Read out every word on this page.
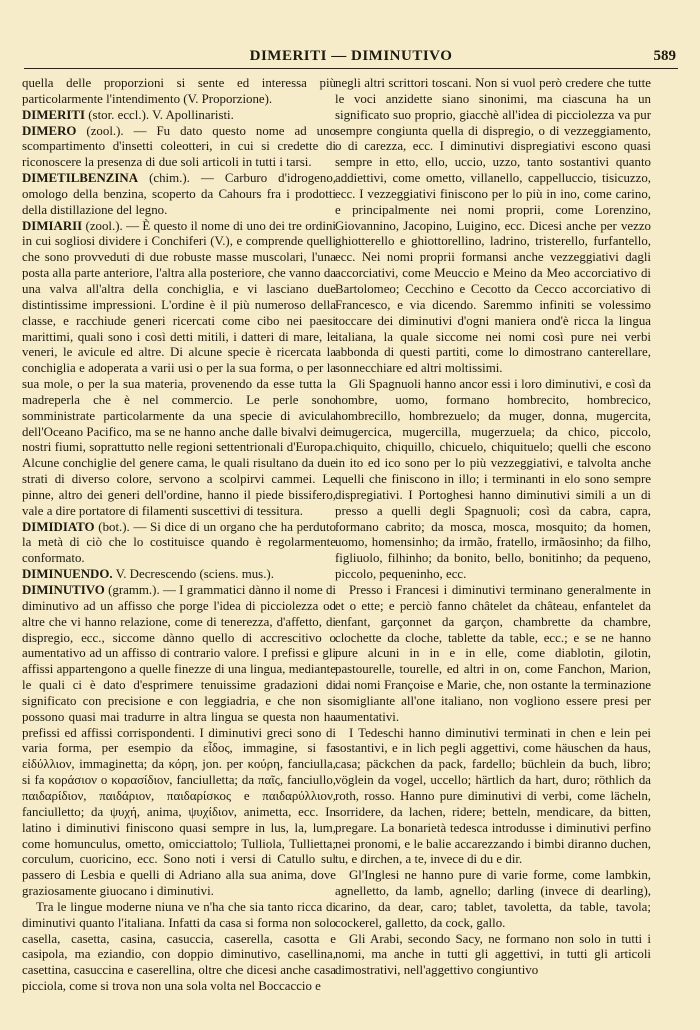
DIMERITI — DIMINUTIVO	589

quella delle proporzioni si sente ed interessa più particolarmente l'intendimento (V. Proporzione).

DIMERITI (stor. eccl.). V. Apollinaristi.

DIMERO (zool.). — Fu dato questo nome ad uno scompartimento d'insetti coleotteri, in cui si credette di riconoscere la presenza di due soli articoli in tutti i tarsi.

DIMETILBENZINA (chim.). — Carburo d'idrogeno, omologo della benzina, scoperto da Cahours fra i prodotti della distillazione del legno.

DIMIARII (zool.). — È questo il nome di uno dei tre ordini in cui sogliosi dividere i Conchiferi (V.), e comprende quelli che sono provveduti di due robuste masse muscolari, l'una posta alla parte anteriore, l'altra alla posteriore, che vanno da una valva all'altra della conchiglia, e vi lasciano due distintissime impressioni. L'ordine è il più numeroso della classe, e racchiude generi ricercati come cibo nei paesi marittimi, quali sono i così detti mitili, i datteri di mare, le veneri, le avicule ed altre. Di alcune specie è ricercata la conchiglia e adoperata a varii usi o per la sua forma, o per la sua mole, o per la sua materia, provenendo da esse tutta la madreperla che è nel commercio. Le perle sono somministrate particolarmente da una specie di avicula dell'Oceano Pacifico, ma se ne hanno anche dalle bivalvi dei nostri fiumi, soprattutto nelle regioni settentrionali d'Europa. Alcune conchiglie del genere cama, le quali risultano da due strati di diverso colore, servono a scolpirvi cammei. Le pinne, altro dei generi dell'ordine, hanno il piede bissifero, vale a dire portatore di filamenti suscettivi di tessitura.

DIMIDIATO (bot.). — Si dice di un organo che ha perduto la metà di ciò che lo costituisce quando è regolarmente conformato.

DIMINUENDO. V. Decrescendo (sciens. mus.).

DIMINUTIVO (gramm.). — I grammatici dànno il nome di diminutivo ad un affisso che porge l'idea di picciolezza od altre che vi hanno relazione, come di tenerezza, d'affetto, di dispregio, ecc., siccome dànno quello di accrescitivo o aumentativo ad un affisso di contrario valore. I prefissi e gli affissi appartengono a quelle finezze di una lingua, mediante le quali ci è dato d'esprimere tenuissime gradazioni di significato con precisione e con leggiadria, e che non si possono quasi mai tradurre in altra lingua se questa non ha prefissi ed affissi corrispondenti. I diminutivi greci sono di varia forma, per esempio da εἶδος, immagine, si fa εἰδύλλιον, immaginetta; da κόρη, jon. per κούρη, fanciulla, si fa κοράσιον o κορασίδιον, fanciulletta; da παῖς, fanciullo, παιδαρίδιον, παιδάριον, παιδαρίσκος e παιδαρύλλιον, fanciulletto; da ψυχή, anima, ψυχίδιον, animetta, ecc. In latino i diminutivi finiscono quasi sempre in lus, la, lum, come homunculus, ometto, omicciattolo; Tulliola, Tullietta; corculum, cuoricino, ecc. Sono noti i versi di Catullo sul passero di Lesbia e quelli di Adriano alla sua anima, dove graziosamente giuocano i diminutivi.

Tra le lingue moderne niuna ve n'ha che sia tanto ricca di diminutivi quanto l'italiana. Infatti da casa si forma non solo casella, casetta, casina, casuccia, caserella, casotta e casipola, ma eziandio, con doppio diminutivo, casellina, casettina, casuccina e caserellina, oltre che dicesi anche casa picciola, come si trova non una sola volta nel Boccaccio e

negli altri scrittori toscani. Non si vuol però credere che tutte le voci anzidette siano sinonimi, ma ciascuna ha un significato suo proprio, giacchè all'idea di picciolezza va pur sempre congiunta quella di dispregio, o di vezzeggiamento, o di carezza, ecc. I diminutivi dispregiativi escono quasi sempre in etto, ello, uccio, uzzo, tanto sostantivi quanto addiettivi, come ometto, villanello, cappelluccio, tisicuzzo, ecc. I vezzeggiativi finiscono per lo più in ino, come carino, e principalmente nei nomi proprii, come Lorenzino, Giovannino, Jacopino, Luigino, ecc. Dicesi anche per vezzo ghiotterello e ghiottorellino, ladrino, tristerello, furfantello, ecc. Nei nomi proprii formansi anche vezzeggiativi dagli accorciativi, come Meuccio e Meino da Meo accorciativo di Bartolomeo; Cecchino e Cecotto da Cecco accorciativo di Francesco, e via dicendo. Saremmo infiniti se volessimo toccare dei diminutivi d'ogni maniera ond'è ricca la lingua italiana, la quale siccome nei nomi così pure nei verbi abbonda di questi partiti, come lo dimostrano canterellare, sonnecchiare ed altri moltissimi.

Gli Spagnuoli hanno ancor essi i loro diminutivi, e così da hombre, uomo, formano hombrecito, hombrecico, hombrecillo, hombrezuelo; da muger, donna, mugercita, mugercica, mugercilla, mugerzuela; da chico, piccolo, chiquito, chiquillo, chicuelo, chiquituelo; quelli che escono in ito ed ico sono per lo più vezzeggiativi, e talvolta anche quelli che finiscono in illo; i terminanti in elo sono sempre dispregiativi. I Portoghesi hanno diminutivi simili a un di presso a quelli degli Spagnuoli; così da cabra, capra, formano cabrito; da mosca, mosca, mosquito; da homen, uomo, homensinho; da irmão, fratello, irmãosinho; da filho, figliuolo, filhinho; da bonito, bello, bonitinho; da pequeno, piccolo, pequeninho, ecc.

Presso i Francesi i diminutivi terminano generalmente in et o ette; e perciò fanno châtelet da château, enfantelet da enfant, garçonnet da garçon, chambrette da chambre, clochette da cloche, tablette da table, ecc.; e se ne hanno pure alcuni in in e in elle, come diablotin, gilotin, pastourelle, tourelle, ed altri in on, come Fanchon, Marion, dai nomi Françoise e Marie, che, non ostante la terminazione somigliante all'one italiano, non vogliono essere presi per aumentativi.

I Tedeschi hanno diminutivi terminati in chen e lein pei sostantivi, e in lich pegli aggettivi, come häuschen da haus, casa; päckchen da pack, fardello; büchlein da buch, libro; vöglein da vogel, uccello; härtlich da hart, duro; röthlich da roth, rosso. Hanno pure diminutivi di verbi, come lächeln, sorridere, da lachen, ridere; betteln, mendicare, da bitten, pregare. La bonarietà tedesca introdusse i diminutivi perfino nei pronomi, e le balie accarezzando i bimbi diranno duchen, tu, e dirchen, a te, invece di du e dir.

Gl'Inglesi ne hanno pure di varie forme, come lambkin, agnelletto, da lamb, agnello; darling (invece di dearling), carino, da dear, caro; tablet, tavoletta, da table, tavola; cockerel, galletto, da cock, gallo.

Gli Arabi, secondo Sacy, ne formano non solo in tutti i nomi, ma anche in tutti gli aggettivi, in tutti gli articoli dimostrativi, nell'aggettivo congiuntivo
